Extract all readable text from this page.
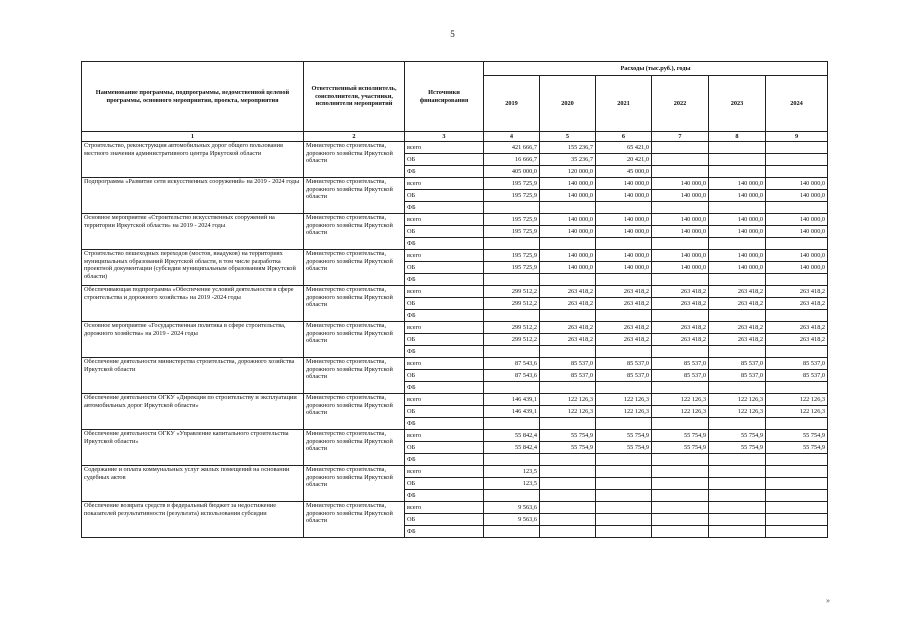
5
Наименование программы, подпрограммы, ведомственной целевой программы, основного мероприятия, проекта, мероприятия	Ответственный исполнитель, соисполнители, участники, исполнители мероприятий	Источники финансирования	Расходы (тыс.руб.), годы					
			2019	2020	2021	2022	2023	2024
1	2	3	4	5	6	7	8	9
Строительство, реконструкция автомобильных дорог общего пользования местного значения административного центра Иркутской области	Министерство строительства, дорожного хозяйства Иркутской области	всего	421 666,7	155 236,7	65 421,0			
		ОБ	16 666,7	35 236,7	20 421,0			
		ФБ	405 000,0	120 000,0	45 000,0			
Подпрограмма «Развитие сети искусственных сооружений» на 2019 - 2024 годы	Министерство строительства, дорожного хозяйства Иркутской области	всего	195 725,9	140 000,0	140 000,0	140 000,0	140 000,0	140 000,0
		ОБ	195 725,9	140 000,0	140 000,0	140 000,0	140 000,0	140 000,0
		ФБ						
Основное мероприятие «Строительство искусственных сооружений на территории Иркутской области» на 2019 - 2024 годы	Министерство строительства, дорожного хозяйства Иркутской области	всего	195 725,9	140 000,0	140 000,0	140 000,0	140 000,0	140 000,0
		ОБ	195 725,9	140 000,0	140 000,0	140 000,0	140 000,0	140 000,0
		ФБ						
Строительство пешеходных переходов (мостов, виадуков) на территориях муниципальных образований Иркутской области, в том числе разработка проектной документации (субсидии муниципальным образованиям Иркутской области)	Министерство строительства, дорожного хозяйства Иркутской области	всего	195 725,9	140 000,0	140 000,0	140 000,0	140 000,0	140 000,0
		ОБ	195 725,9	140 000,0	140 000,0	140 000,0	140 000,0	140 000,0
		ФБ						
Обеспечивающая подпрограмма «Обеспечение условий деятельности в сфере строительства и дорожного хозяйства» на 2019 -2024 годы	Министерство строительства, дорожного хозяйства Иркутской области	всего	299 512,2	263 418,2	263 418,2	263 418,2	263 418,2	263 418,2
		ОБ	299 512,2	263 418,2	263 418,2	263 418,2	263 418,2	263 418,2
		ФБ						
Основное мероприятие «Государственная политика в сфере строительства, дорожного хозяйства» на 2019 - 2024 годы	Министерство строительства, дорожного хозяйства Иркутской области	всего	299 512,2	263 418,2	263 418,2	263 418,2	263 418,2	263 418,2
		ОБ	299 512,2	263 418,2	263 418,2	263 418,2	263 418,2	263 418,2
		ФБ						
Обеспечение деятельности министерства строительства, дорожного хозяйства Иркутской области	Министерство строительства, дорожного хозяйства Иркутской области	всего	87 543,6	85 537,0	85 537,0	85 537,0	85 537,0	85 537,0
		ОБ	87 543,6	85 537,0	85 537,0	85 537,0	85 537,0	85 537,0
		ФБ						
Обеспечение деятельности ОГКУ «Дирекция по строительству и эксплуатации автомобильных дорог Иркутской области»	Министерство строительства, дорожного хозяйства Иркутской области	всего	146 439,1	122 126,3	122 126,3	122 126,3	122 126,3	122 126,3
		ОБ	146 439,1	122 126,3	122 126,3	122 126,3	122 126,3	122 126,3
		ФБ						
Обеспечение деятельности ОГКУ «Управление капитального строительства Иркутской области»	Министерство строительства, дорожного хозяйства Иркутской области	всего	55 842,4	55 754,9	55 754,9	55 754,9	55 754,9	55 754,9
		ОБ	55 842,4	55 754,9	55 754,9	55 754,9	55 754,9	55 754,9
		ФБ						
Содержание и оплата коммунальных услуг жилых помещений на основании судебных актов	Министерство строительства, дорожного хозяйства Иркутской области	всего	123,5					
		ОБ	123,5					
		ФБ						
Обеспечение возврата средств в федеральный бюджет за недостижение показателей результативности (результата) использования субсидии	Министерство строительства, дорожного хозяйства Иркутской области	всего	9 563,6					
		ОБ	9 563,6					
		ФБ						
»
